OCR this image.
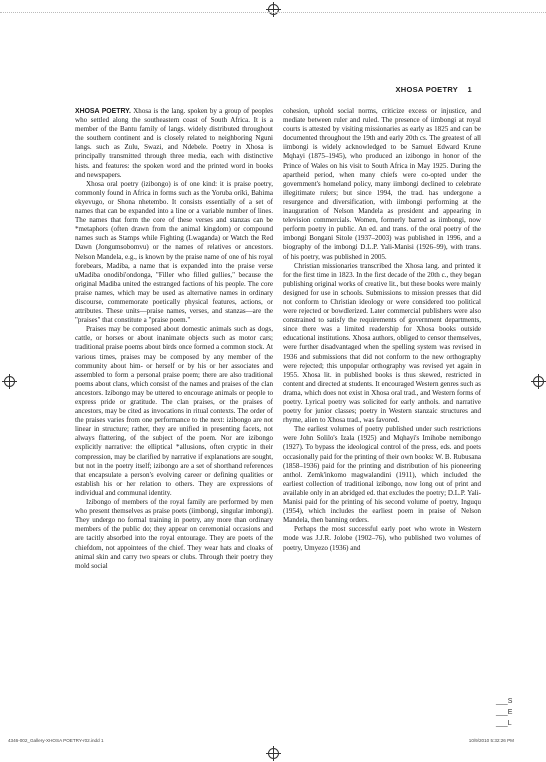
XHOSA POETRY 1

XHOSA POETRY. Xhosa is the lang. spoken by a group of peoples who settled along the southeastern coast of South Africa. It is a member of the Bantu family of langs. widely distributed throughout the southern continent and is closely related to neighboring Nguni langs. such as Zulu, Swazi, and Ndebele. Poetry in Xhosa is principally transmitted through three media, each with distinctive hists. and features: the spoken word and the printed word in books and newspapers.

Xhosa oral poetry (izibongo) is of one kind: it is praise poetry, commonly found in Africa in forms such as the Yoruba oríkì, Bahima ekyevugo, or Shona nhetembo. It consists essentially of a set of names that can be expanded into a line or a variable number of lines. The names that form the core of these verses and stanzas can be *metaphors (often drawn from the animal kingdom) or compound names such as Stamps while Fighting (Lwaganda) or Watch the Red Dawn (Jongumsobomvu) or the names of relatives or ancestors. Nelson Mandela, e.g., is known by the praise name of one of his royal forebears, Madiba, a name that is expanded into the praise verse uMadiba onodibi'ondonga, "Filler who filled gullies," because the original Madiba united the estranged factions of his people. The core praise names, which may be used as alternative names in ordinary discourse, commemorate poetically physical features, actions, or attributes. These units—praise names, verses, and stanzas—are the "praises" that constitute a "praise poem."

Praises may be composed about domestic animals such as dogs, cattle, or horses or about inanimate objects such as motor cars; traditional praise poems about birds once formed a common stock. At various times, praises may be composed by any member of the community about him- or herself or by his or her associates and assembled to form a personal praise poem; there are also traditional poems about clans, which consist of the names and praises of the clan ancestors. Izibongo may be uttered to encourage animals or people to express pride or gratitude. The clan praises, or the praises of ancestors, may be cited as invocations in ritual contexts. The order of the praises varies from one performance to the next: izibongo are not linear in structure; rather, they are unified in presenting facets, not always flattering, of the subject of the poem. Nor are izibongo explicitly narrative: the elliptical *allusions, often cryptic in their compression, may be clarified by narrative if explanations are sought, but not in the poetry itself; izibongo are a set of shorthand references that encapsulate a person's evolving career or defining qualities or establish his or her relation to others. They are expressions of individual and communal identity.

Izibongo of members of the royal family are performed by men who present themselves as praise poets (iimbongi, singular imbongi). They undergo no formal training in poetry, any more than ordinary members of the public do; they appear on ceremonial occasions and are tacitly absorbed into the royal entourage. They are poets of the chiefdom, not appointees of the chief. They wear hats and cloaks of animal skin and carry two spears or clubs. Through their poetry they mold social

cohesion, uphold social norms, criticize excess or injustice, and mediate between ruler and ruled. The presence of iimbongi at royal courts is attested by visiting missionaries as early as 1825 and can be documented throughout the 19th and early 20th cs. The greatest of all iimbongi is widely acknowledged to be Samuel Edward Krune Mqhayi (1875–1945), who produced an izibongo in honor of the Prince of Wales on his visit to South Africa in May 1925. During the apartheid period, when many chiefs were co-opted under the government's homeland policy, many iimbongi declined to celebrate illegitimate rulers; but since 1994, the trad. has undergone a resurgence and diversification, with iimbongi performing at the inauguration of Nelson Mandela as president and appearing in television commercials. Women, formerly barred as iimbongi, now perform poetry in public. An ed. and trans. of the oral poetry of the imbongi Bongani Sitole (1937–2003) was published in 1996, and a biography of the imbongi D.L.P. Yali-Manisi (1926–99), with trans. of his poetry, was published in 2005.

Christian missionaries transcribed the Xhosa lang. and printed it for the first time in 1823. In the first decade of the 20th c., they began publishing original works of creative lit., but these books were mainly designed for use in schools. Submissions to mission presses that did not conform to Christian ideology or were considered too political were rejected or bowdlerized. Later commercial publishers were also constrained to satisfy the requirements of government departments, since there was a limited readership for Xhosa books outside educational institutions. Xhosa authors, obliged to censor themselves, were further disadvantaged when the spelling system was revised in 1936 and submissions that did not conform to the new orthography were rejected; this unpopular orthography was revised yet again in 1955. Xhosa lit. in published books is thus skewed, restricted in content and directed at students. It encouraged Western genres such as drama, which does not exist in Xhosa oral trad., and Western forms of poetry. Lyrical poetry was solicited for early anthols. and narrative poetry for junior classes; poetry in Western stanzaic structures and rhyme, alien to Xhosa trad., was favored.

The earliest volumes of poetry published under such restrictions were John Solilo's Izala (1925) and Mqhayi's Imihobe nemibongo (1927). To bypass the ideological control of the press, eds. and poets occasionally paid for the printing of their own books: W. B. Rubusana (1858–1936) paid for the printing and distribution of his pioneering anthol. Zemk'inkomo magwalandini (1911), which included the earliest collection of traditional izibongo, now long out of print and available only in an abridged ed. that excludes the poetry; D.L.P. Yali-Manisi paid for the printing of his second volume of poetry, Inguqu (1954), which includes the earliest poem in praise of Nelson Mandela, then banning orders.

Perhaps the most successful early poet who wrote in Western mode was J.J.R. Jolobe (1902–76), who published two volumes of poetry, Umyezo (1936) and

___S
___E
___L
4346-002_Gallery-XHOSA POETRY-r02.indd 1	10/9/2010 5:32:26 PM
